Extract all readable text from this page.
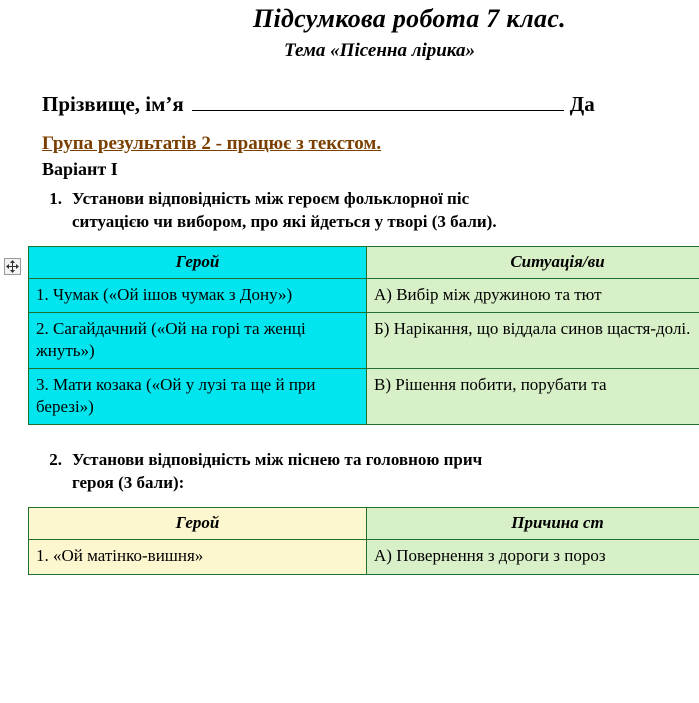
Підсумкова робота 7 клас.
Тема «Пісенна лірика»
Прізвище, ім’я	Да
Група результатів 2 - працює з текстом.
Варіант І
1. Установи відповідність між героєм фольклорної піс
ситуацією чи вибором, про які йдеться у творі (3 бали).
Герой	Ситуація/ви
1. Чумак («Ой ішов чумак з Дону»)	А) Вибір між дружиною та тют
2. Сагайдачний («Ой на горі та женці жнуть»)	Б) Нарікання, що віддала синов щастя-долі.
3. Мати козака («Ой у лузі та ще й при березі»)	В) Рішення побити, порубати та
2. Установи відповідність між піснею та головною прич
героя (3 бали):
Герой	Причина ст
1. «Ой матінко-вишня»	А) Повернення з дороги з пороз
